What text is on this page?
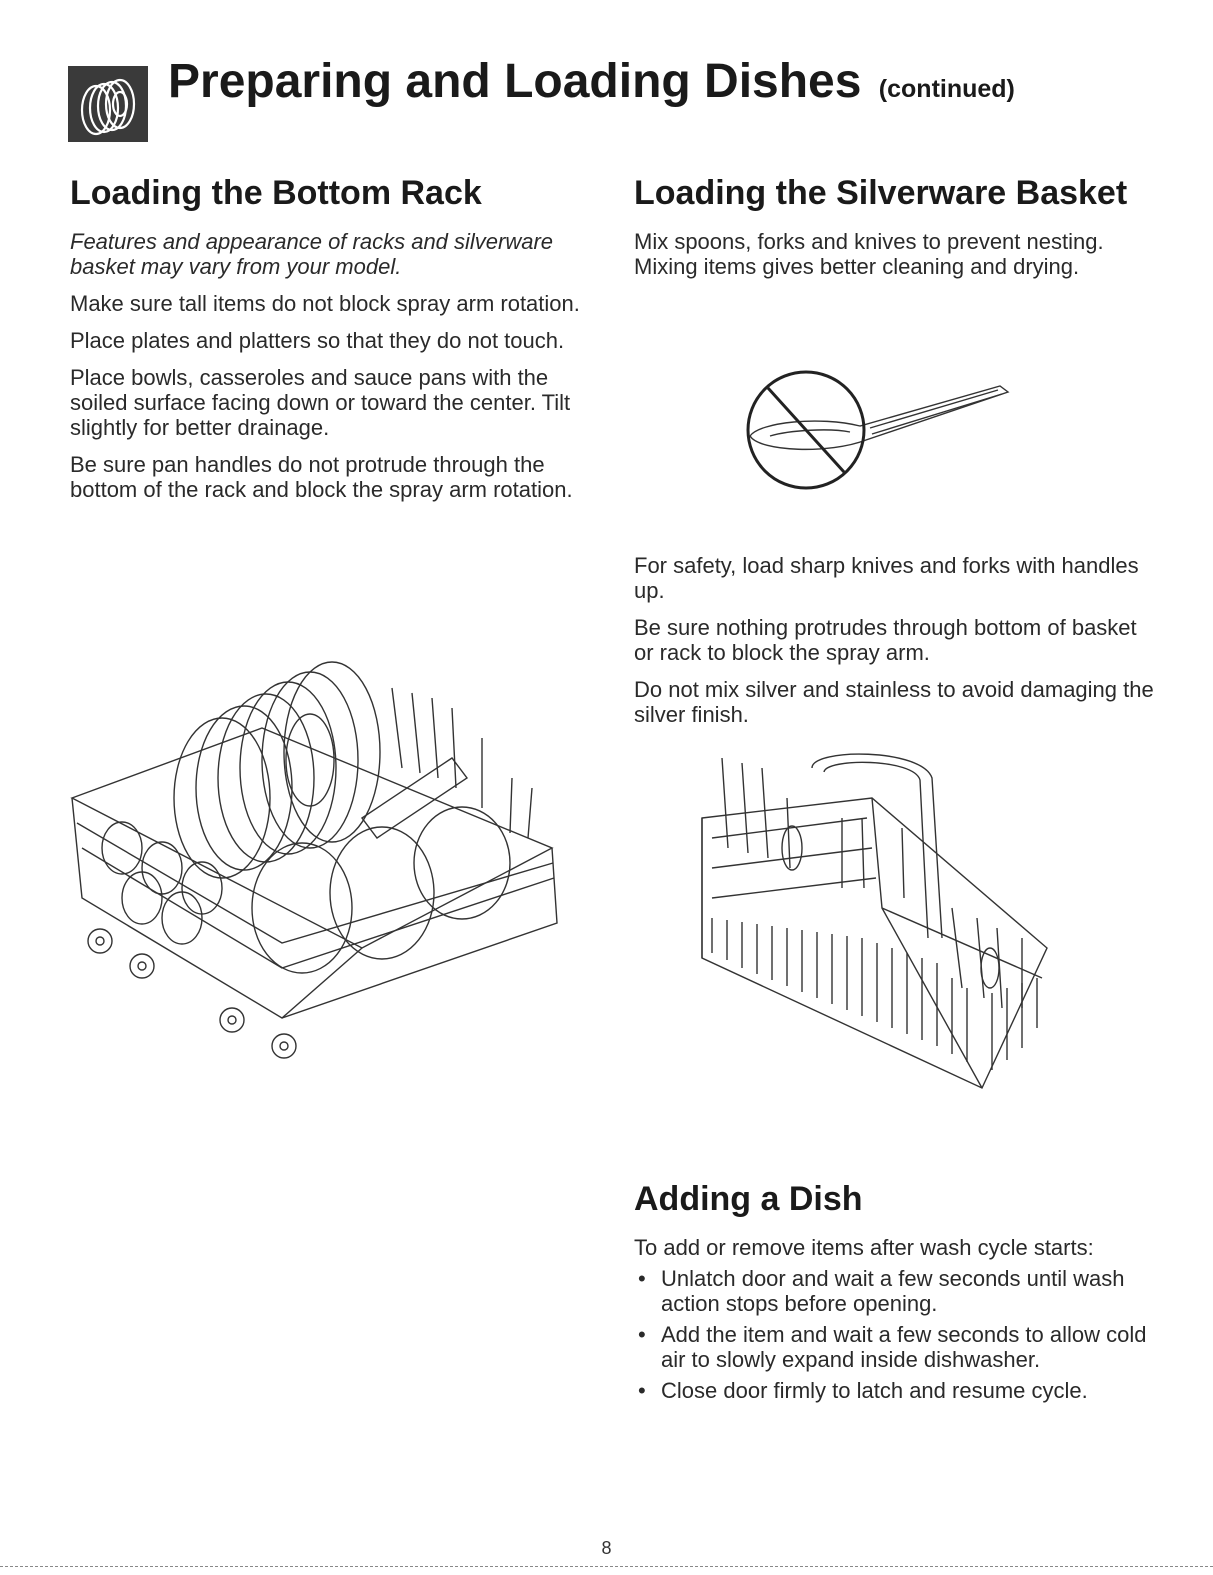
Preparing and Loading Dishes (continued)
Loading the Bottom Rack

Features and appearance of racks and silverware basket may vary from your model.

Make sure tall items do not block spray arm rotation.

Place plates and platters so that they do not touch.

Place bowls, casseroles and sauce pans with the soiled surface facing down or toward the center. Tilt slightly for better drainage.

Be sure pan handles do not protrude through the bottom of the rack and block the spray arm rotation.

Loading the Silverware Basket

Mix spoons, forks and knives to prevent nesting. Mixing items gives better cleaning and drying.

For safety, load sharp knives and forks with handles up.

Be sure nothing protrudes through bottom of basket or rack to block the spray arm.

Do not mix silver and stainless to avoid damaging the silver finish.

Adding a Dish

To add or remove items after wash cycle starts:

• Unlatch door and wait a few seconds until wash action stops before opening.
• Add the item and wait a few seconds to allow cold air to slowly expand inside dishwasher.
• Close door firmly to latch and resume cycle.
8
